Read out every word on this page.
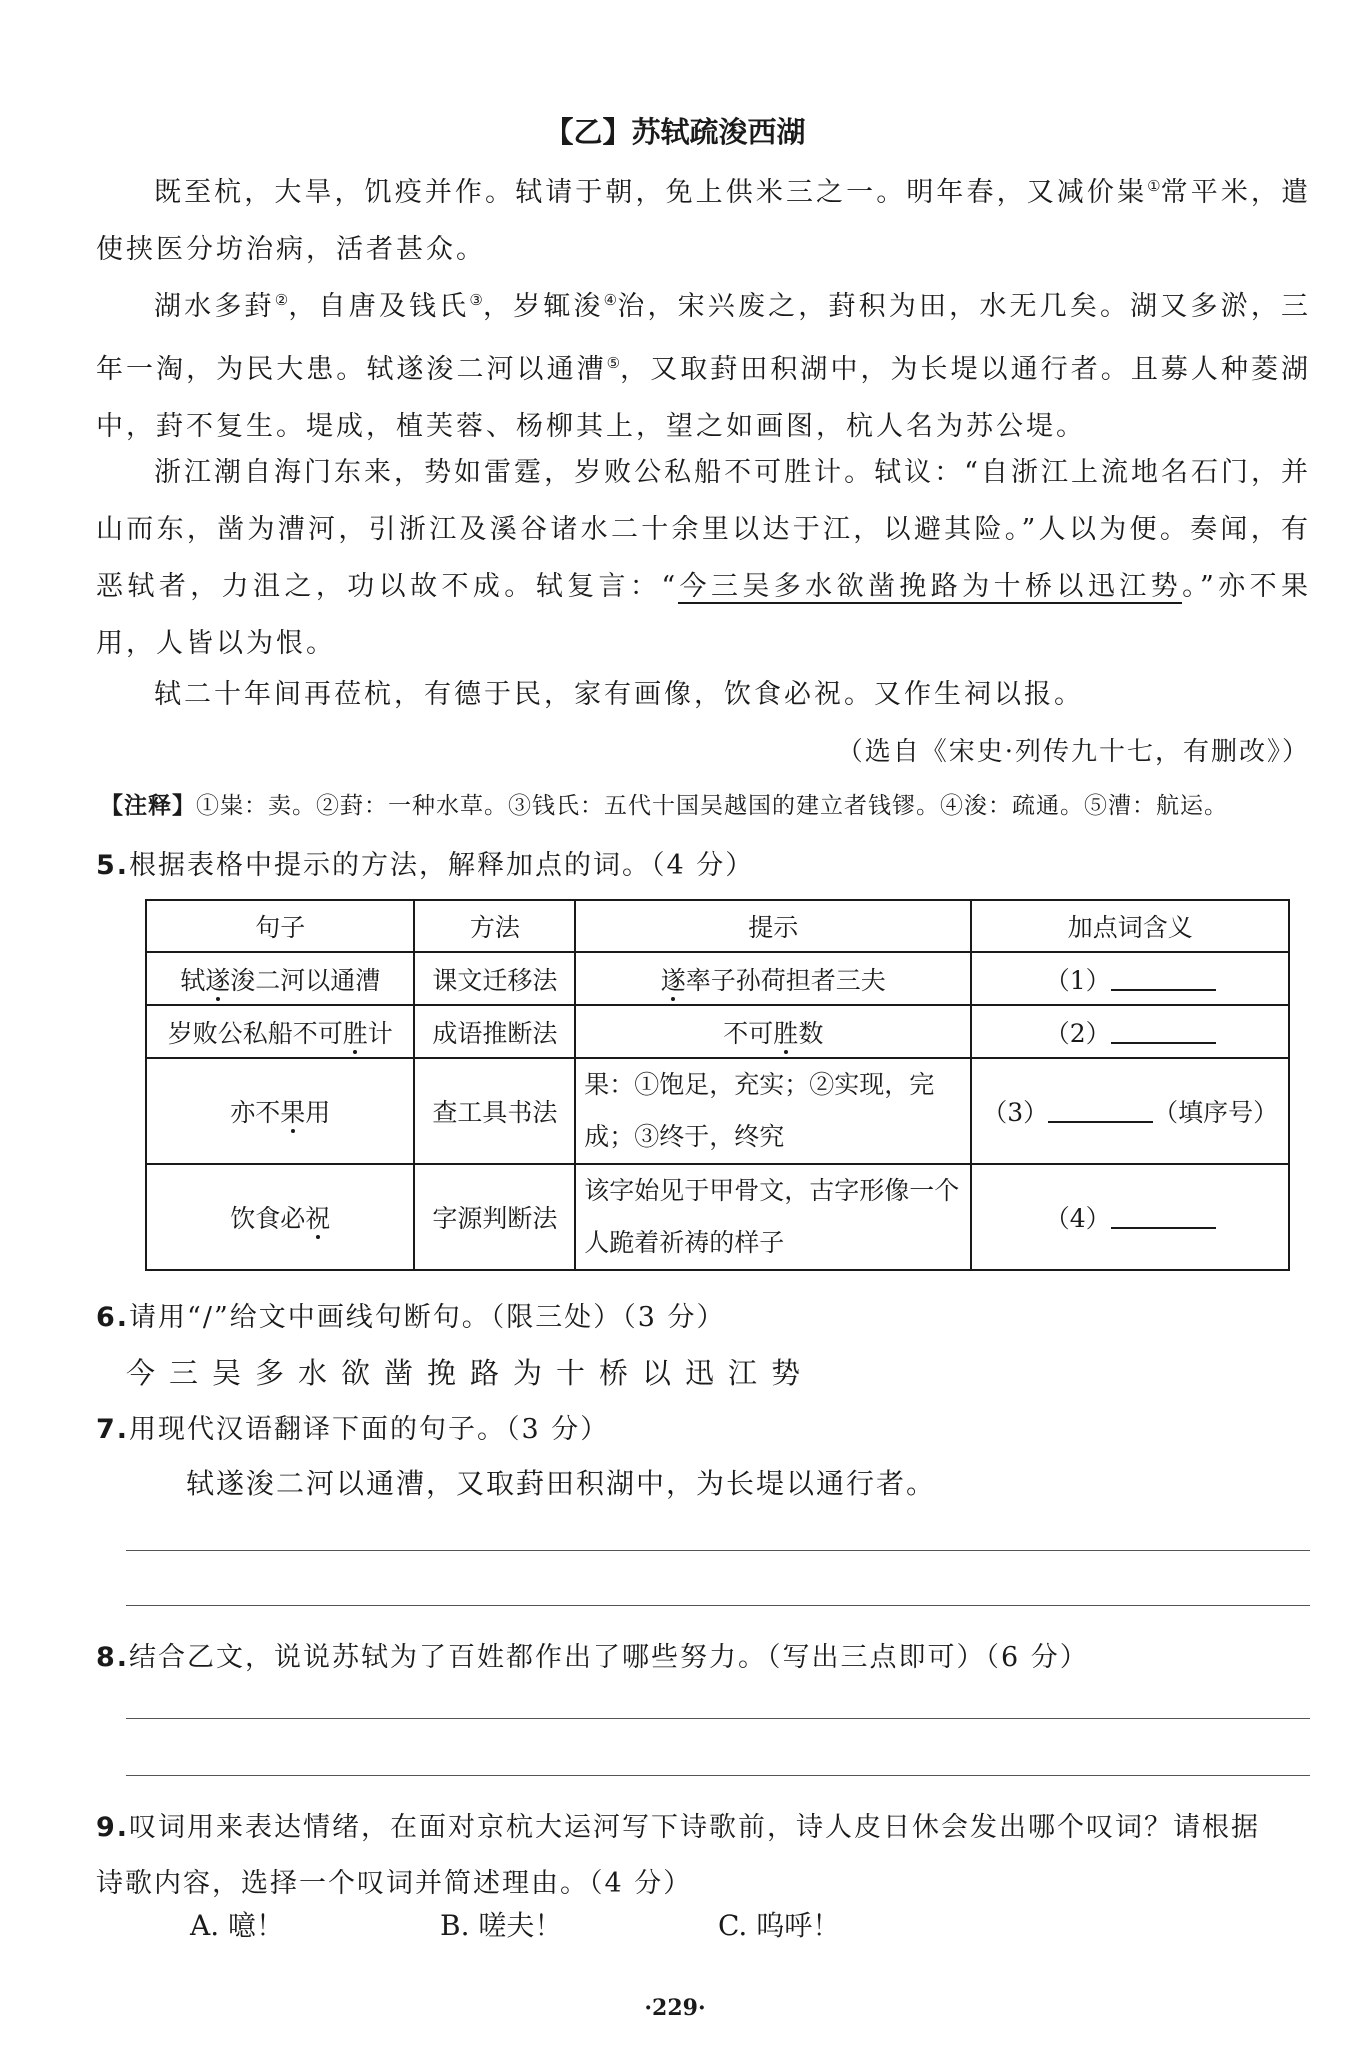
【乙】苏轼疏浚西湖

既至杭，大旱，饥疫并作。轼请于朝，免上供米三之一。明年春，又减价粜①常平米，遣使挟医分坊治病，活者甚众。

湖水多葑②，自唐及钱氏③，岁辄浚④治，宋兴废之，葑积为田，水无几矣。湖又多淤，三年一淘，为民大患。轼遂浚二河以通漕⑤，又取葑田积湖中，为长堤以通行者。且募人种菱湖中，葑不复生。堤成，植芙蓉、杨柳其上，望之如画图，杭人名为苏公堤。

浙江潮自海门东来，势如雷霆，岁败公私船不可胜计。轼议：“自浙江上流地名石门，并山而东，凿为漕河，引浙江及溪谷诸水二十余里以达于江，以避其险。”人以为便。奏闻，有恶轼者，力沮之，功以故不成。轼复言：“今三吴多水欲凿挽路为十桥以迅江势。”亦不果用，人皆以为恨。

轼二十年间再莅杭，有德于民，家有画像，饮食必祝。又作生祠以报。

（选自《宋史·列传九十七，有删改》）
【注释】①粜：卖。②葑：一种水草。③钱氏：五代十国吴越国的建立者钱镠。④浚：疏通。⑤漕：航运。
5.根据表格中提示的方法，解释加点的词。（4 分）
句子	方法	提示	加点词含义
轼遂浚二河以通漕	课文迁移法	遂率子孙荷担者三夫	（1）
岁败公私船不可胜计	成语推断法	不可胜数	（2）
亦不果用	查工具书法	果：①饱足，充实；②实现，完成；③终于，终究	（3） （填序号）
饮食必祝	字源判断法	该字始见于甲骨文，古字形像一个人跪着祈祷的样子	（4）
6.请用“/”给文中画线句断句。（限三处）（3 分）
今三吴多水欲凿挽路为十桥以迅江势
7.用现代汉语翻译下面的句子。（3 分）
轼遂浚二河以通漕，又取葑田积湖中，为长堤以通行者。
8.结合乙文，说说苏轼为了百姓都作出了哪些努力。（写出三点即可）（6 分）
9.叹词用来表达情绪，在面对京杭大运河写下诗歌前，诗人皮日休会发出哪个叹词？请根据
诗歌内容，选择一个叹词并简述理由。（4 分）
A. 噫！	B. 嗟夫！	C. 呜呼！
·229·
